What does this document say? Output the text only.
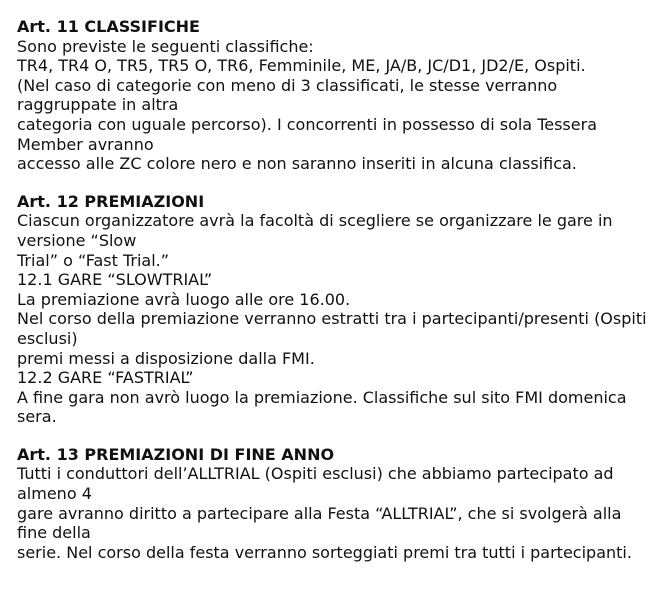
Art. 11 CLASSIFICHE
Sono previste le seguenti classifiche:
TR4, TR4 O, TR5, TR5 O, TR6, Femminile, ME, JA/B, JC/D1, JD2/E, Ospiti.
(Nel caso di categorie con meno di 3 classificati, le stesse verranno
raggruppate in altra
categoria con uguale percorso). I concorrenti in possesso di sola Tessera
Member avranno
accesso alle ZC colore nero e non saranno inseriti in alcuna classifica.
Art. 12 PREMIAZIONI
Ciascun organizzatore avrà la facoltà di scegliere se organizzare le gare in
versione “Slow
Trial” o “Fast Trial.”
12.1 GARE “SLOWTRIAL”
La premiazione avrà luogo alle ore 16.00.
Nel corso della premiazione verranno estratti tra i partecipanti/presenti (Ospiti
esclusi)
premi messi a disposizione dalla FMI.
12.2 GARE “FASTRIAL”
A fine gara non avrò luogo la premiazione. Classifiche sul sito FMI domenica
sera.
Art. 13 PREMIAZIONI DI FINE ANNO
Tutti i conduttori dell’ALLTRIAL (Ospiti esclusi) che abbiamo partecipato ad
almeno 4
gare avranno diritto a partecipare alla Festa “ALLTRIAL”, che si svolgerà alla
fine della
serie. Nel corso della festa verranno sorteggiati premi tra tutti i partecipanti.
